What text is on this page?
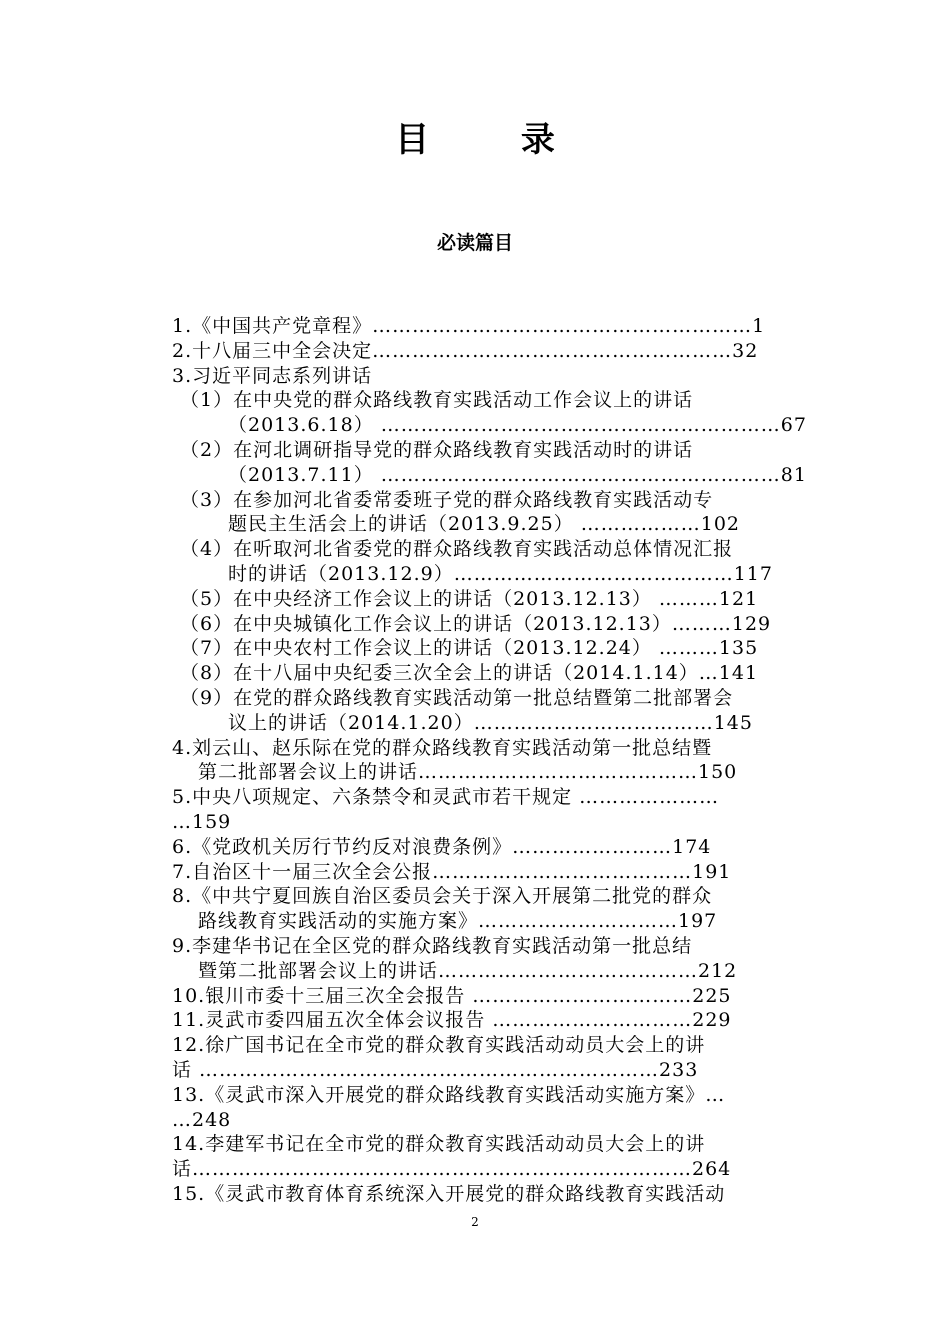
目 录
必读篇目
1.《中国共产党章程》…………………………………………………1
2.十八届三中全会决定………………………………………………32
3.习近平同志系列讲话
（1）在中央党的群众路线教育实践活动工作会议上的讲话
（2013.6.18） ……………………………………………………67
（2）在河北调研指导党的群众路线教育实践活动时的讲话
（2013.7.11） ……………………………………………………81
（3）在参加河北省委常委班子党的群众路线教育实践活动专
题民主生活会上的讲话（2013.9.25） ………………102
（4）在听取河北省委党的群众路线教育实践活动总体情况汇报
时的讲话（2013.12.9）……………………………………117
（5）在中央经济工作会议上的讲话（2013.12.13） ………121
（6）在中央城镇化工作会议上的讲话（2013.12.13）………129
（7）在中央农村工作会议上的讲话（2013.12.24） ………135
（8）在十八届中央纪委三次全会上的讲话（2014.1.14）…141
（9）在党的群众路线教育实践活动第一批总结暨第二批部署会
议上的讲话（2014.1.20）………………………………145
4.刘云山、赵乐际在党的群众路线教育实践活动第一批总结暨
第二批部署会议上的讲话……………………………………150
5.中央八项规定、六条禁令和灵武市若干规定 …………………
…159
6.《党政机关厉行节约反对浪费条例》……………………174
7.自治区十一届三次全会公报…………………………………191
8.《中共宁夏回族自治区委员会关于深入开展第二批党的群众
路线教育实践活动的实施方案》…………………………197
9.李建华书记在全区党的群众路线教育实践活动第一批总结
暨第二批部署会议上的讲话…………………………………212
10.银川市委十三届三次全会报告 ……………………………225
11.灵武市委四届五次全体会议报告 …………………………229
12.徐广国书记在全市党的群众教育实践活动动员大会上的讲
话 ……………………………………………………………233
13.《灵武市深入开展党的群众路线教育实践活动实施方案》…
…248
14.李建军书记在全市党的群众教育实践活动动员大会上的讲
话…………………………………………………………………264
15.《灵武市教育体育系统深入开展党的群众路线教育实践活动
2
